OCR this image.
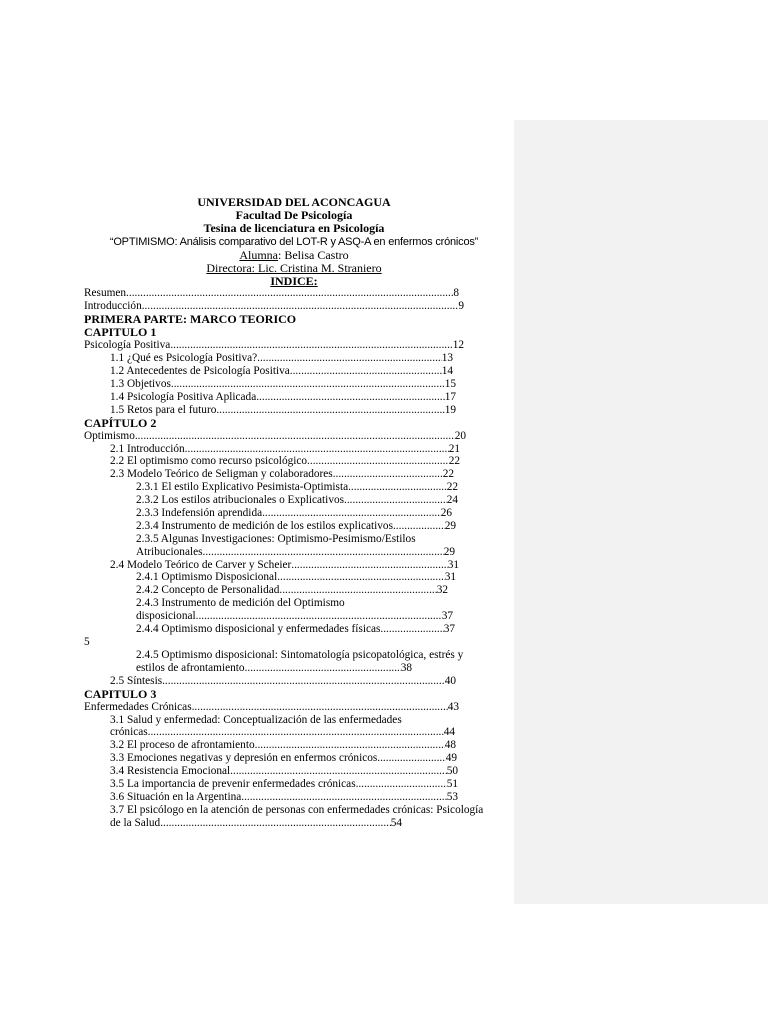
UNIVERSIDAD DEL ACONCAGUA
Facultad De Psicología
Tesina de licenciatura en Psicología
“OPTIMISMO: Análisis comparativo del LOT-R y ASQ-A en enfermos crónicos”
Alumna: Belisa Castro
Directora: Lic. Cristina M. Straniero
INDICE:
Resumen .....	8
Introducción .....	9
PRIMERA PARTE: MARCO TEORICO
CAPITULO 1
Psicología Positiva .....	12
1.1 ¿Qué es Psicología Positiva? .....	13
1.2 Antecedentes de Psicología Positiva .....	14
1.3 Objetivos .....	15
1.4 Psicología Positiva Aplicada .....	17
1.5 Retos para el futuro .....	19
CAPÍTULO 2
Optimismo .....	20
2.1 Introducción .....	21
2.2 El optimismo como recurso psicológico .....	22
2.3 Modelo Teórico de Seligman y colaboradores .....	22
2.3.1 El estilo Explicativo Pesimista-Optimista .....	22
2.3.2 Los estilos atribucionales o Explicativos .....	24
2.3.3 Indefensión aprendida .....	26
2.3.4 Instrumento de medición de los estilos explicativos .....	29
2.3.5 Algunas Investigaciones: Optimismo-Pesimismo/Estilos
Atribucionales .....	29
2.4 Modelo Teórico de Carver y Scheier .....	31
2.4.1 Optimismo Disposicional .....	31
2.4.2 Concepto de Personalidad .....	32
2.4.3 Instrumento de medición del Optimismo
disposicional .....	37
2.4.4 Optimismo disposicional y enfermedades físicas .....	37
5
2.4.5 Optimismo disposicional: Sintomatología psicopatológica, estrés y
estilos de afrontamiento .....	38
2.5 Síntesis .....	40
CAPITULO 3
Enfermedades Crónicas .....	43
3.1 Salud y enfermedad: Conceptualización de las enfermedades
crónicas .....	44
3.2 El proceso de afrontamiento .....	48
3.3 Emociones negativas y depresión en enfermos crónicos .....	49
3.4 Resistencia Emocional .....	50
3.5 La importancia de prevenir enfermedades crónicas .....	51
3.6 Situación en la Argentina .....	53
3.7 El psicólogo en la atención de personas con enfermedades crónicas: Psicología
de la Salud .....	54
